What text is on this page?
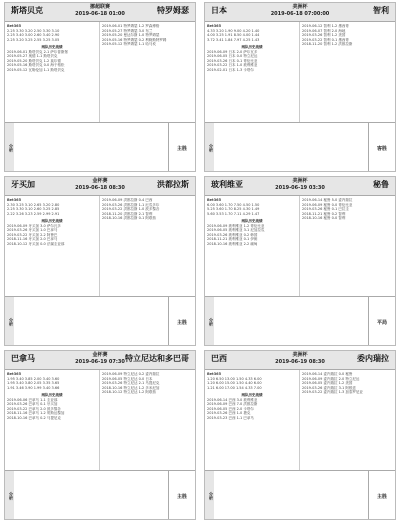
斯塔贝克	挪超联赛
2019-06-18 01:00	特罗姆瑟
Bet365
2.25 3.30 3.20 2.50 3.30 3.10
2.25 3.40 3.00 2.60 3.40 2.90
2.25 3.20 3.25 2.55 3.25 3.05
两队历史战绩
2019-06-01 斯塔贝克 2-1 萨尔普斯堡
2019-05-27 奥德 1-1 斯塔贝克
2019-05-20 斯塔贝克 1-2 莫尔德
2019-05-16 斯塔贝克 0-0 海于格松
2019-05-12 瓦勒伦加 1-1 斯塔贝克
2019-06-01 特罗姆瑟 1-2 罗森博格
2019-05-27 特罗姆瑟 3-0 布兰
2019-05-20 曼达尔斯 1-0 特罗姆瑟
2019-05-16 特罗姆瑟 0-2 利勒斯特罗姆
2019-05-12 特罗姆瑟 1-1 哈马坎
分析	主胜
日本	美洲杯
2019-06-18 07:00:00	智利
Bet365
4.33 3.20 1.90 9.00 4.20 1.40
4.00 3.25 1.91 8.50 4.00 1.44
3.72 3.41 1.84 7.97 4.25 1.43
两队历史战绩
2019-06-09 日本 2-0 萨尔瓦多
2019-06-05 日本 0-0 特立尼达
2019-03-26 日本 0-1 哥伦比亚
2019-03-22 日本 1-0 玻利维亚
2019-02-01 日本 1-3 卡塔尔
2019-06-12 智利 1-2 墨西哥
2019-06-07 智利 2-0 海地
2019-03-26 智利 1-2 美国
2019-03-22 智利 0-1 墨西哥
2018-11-20 智利 1-2 洪都拉斯
分析	客胜
牙买加	金杯赛
2019-06-18 08:30	洪都拉斯
Bet365
2.30 3.25 3.10 2.65 3.20 2.80
2.25 3.30 3.10 2.60 3.25 2.85
2.22 3.26 3.23 2.59 2.99 2.91
两队历史战绩
2019-06-09 牙买加 3-0 萨尔瓦多
2019-03-26 牙买加 1-0 巴拿马
2019-03-22 牙买加 2-2 阿鲁巴
2018-11-16 牙买加 2-0 巴拿马
2018-10-12 牙买加 0-0 法属圭亚那
2019-06-09 洪都拉斯 0-4 巴西
2019-03-26 洪都拉斯 1-1 厄瓜多尔
2019-03-22 洪都拉斯 1-0 波多黎各
2018-11-20 洪都拉斯 2-1 智利
2018-10-16 洪都拉斯 0-1 阿联酋
分析	主胜
玻利维亚	美洲杯
2019-06-19 03:30	秘鲁
Bet365
6.00 3.60 1.70 7.50 4.50 1.50
5.25 3.60 1.70 8.25 4.30 1.49
5.60 3.53 1.70 7.11 4.29 1.47
两队历史战绩
2019-06-09 玻利维亚 1-2 哥伦比亚
2019-06-05 玻利维亚 3-1 尼加拉瓜
2019-03-26 玻利维亚 0-2 韩国
2018-11-21 玻利维亚 0-1 伊朗
2018-10-16 玻利维亚 2-2 缅甸
2019-06-14 秘鲁 5-0 委内瑞拉
2019-06-09 秘鲁 0-0 哥伦比亚
2019-03-26 秘鲁 0-1 巴拉圭
2018-11-21 秘鲁 0-2 智利
2018-10-16 秘鲁 0-0 智利
分析	平局
巴拿马	金杯赛
2019-06-19 07:30 特立尼达和多巴哥
Bet365
1.95 3.40 3.85 2.00 3.40 3.60
1.95 3.40 3.80 2.05 3.35 3.65
1.91 3.46 3.90 1.99 3.40 3.66
两队历史战绩
2019-06-06 巴拿马 1-1 圭亚那
2019-03-26 巴拿马 0-1 牙买加
2019-03-22 巴拿马 2-0 波多黎各
2018-11-16 巴拿马 1-2 哥斯达黎加
2018-10-16 巴拿马 0-2 马提尼克
2019-06-09 特立尼达 0-2 委内瑞拉
2019-06-05 特立尼达 0-0 日本
2019-03-26 特立尼达 2-1 马提尼克
2018-10-16 特立尼达 1-2 多米尼加
2018-10-12 特立尼达 1-2 阿联酋
分析	主胜
巴西	美洲杯
2019-06-19 08:30	委内瑞拉
Bet365
1.20 6.50 13.00 1.50 4.33 6.00
1.20 6.00 15.00 1.50 4.40 6.00
1.21 6.00 17.00 1.54 4.33 7.00
两队历史战绩
2019-06-14 巴西 3-0 玻利维亚
2019-06-09 巴西 7-0 洪都拉斯
2019-06-05 巴西 2-0 卡塔尔
2019-03-26 巴西 1-0 捷克
2019-03-23 巴西 1-1 巴拿马
2019-06-14 委内瑞拉 0-0 秘鲁
2019-06-09 委内瑞拉 2-0 特立尼达
2019-06-05 委内瑞拉 1-2 美国
2019-03-26 委内瑞拉 3-1 阿根廷
2019-03-22 委内瑞拉 1-3 加泰罗尼亚
分析	主胜
